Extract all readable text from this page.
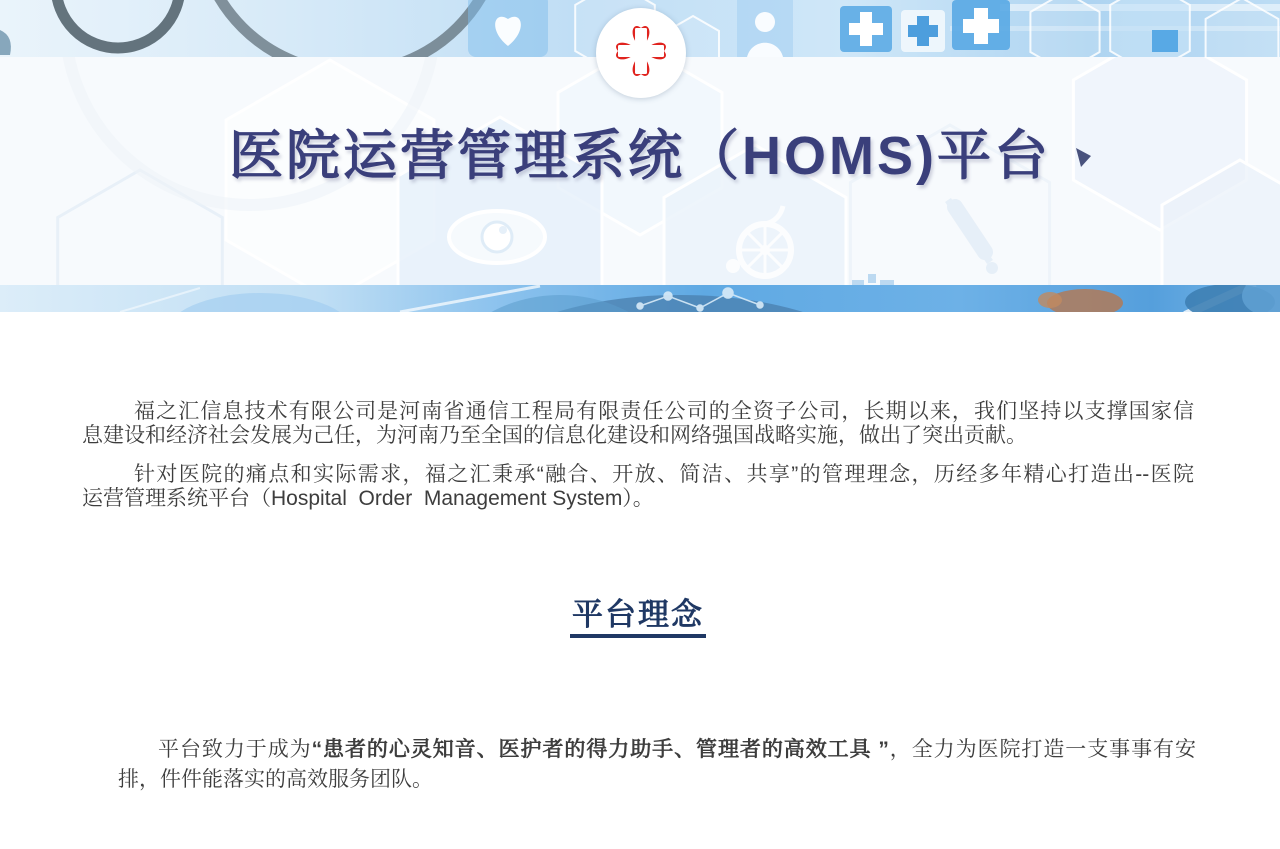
医院运营管理系统（HOMS)平台
福之汇信息技术有限公司是河南省通信工程局有限责任公司的全资子公司，长期以来，我们坚持以支撑国家信
息建设和经济社会发展为己任，为河南乃至全国的信息化建设和网络强国战略实施，做出了突出贡献。
针对医院的痛点和实际需求，福之汇秉承“融合、开放、简洁、共享”的管理理念，历经多年精心打造出--医院
运营管理系统平台（Hospital  Order  Management System）。
平台理念
平台致力于成为“患者的心灵知音、医护者的得力助手、管理者的高效工具 ”，全力为医院打造一支事事有安
排，件件能落实的高效服务团队。
